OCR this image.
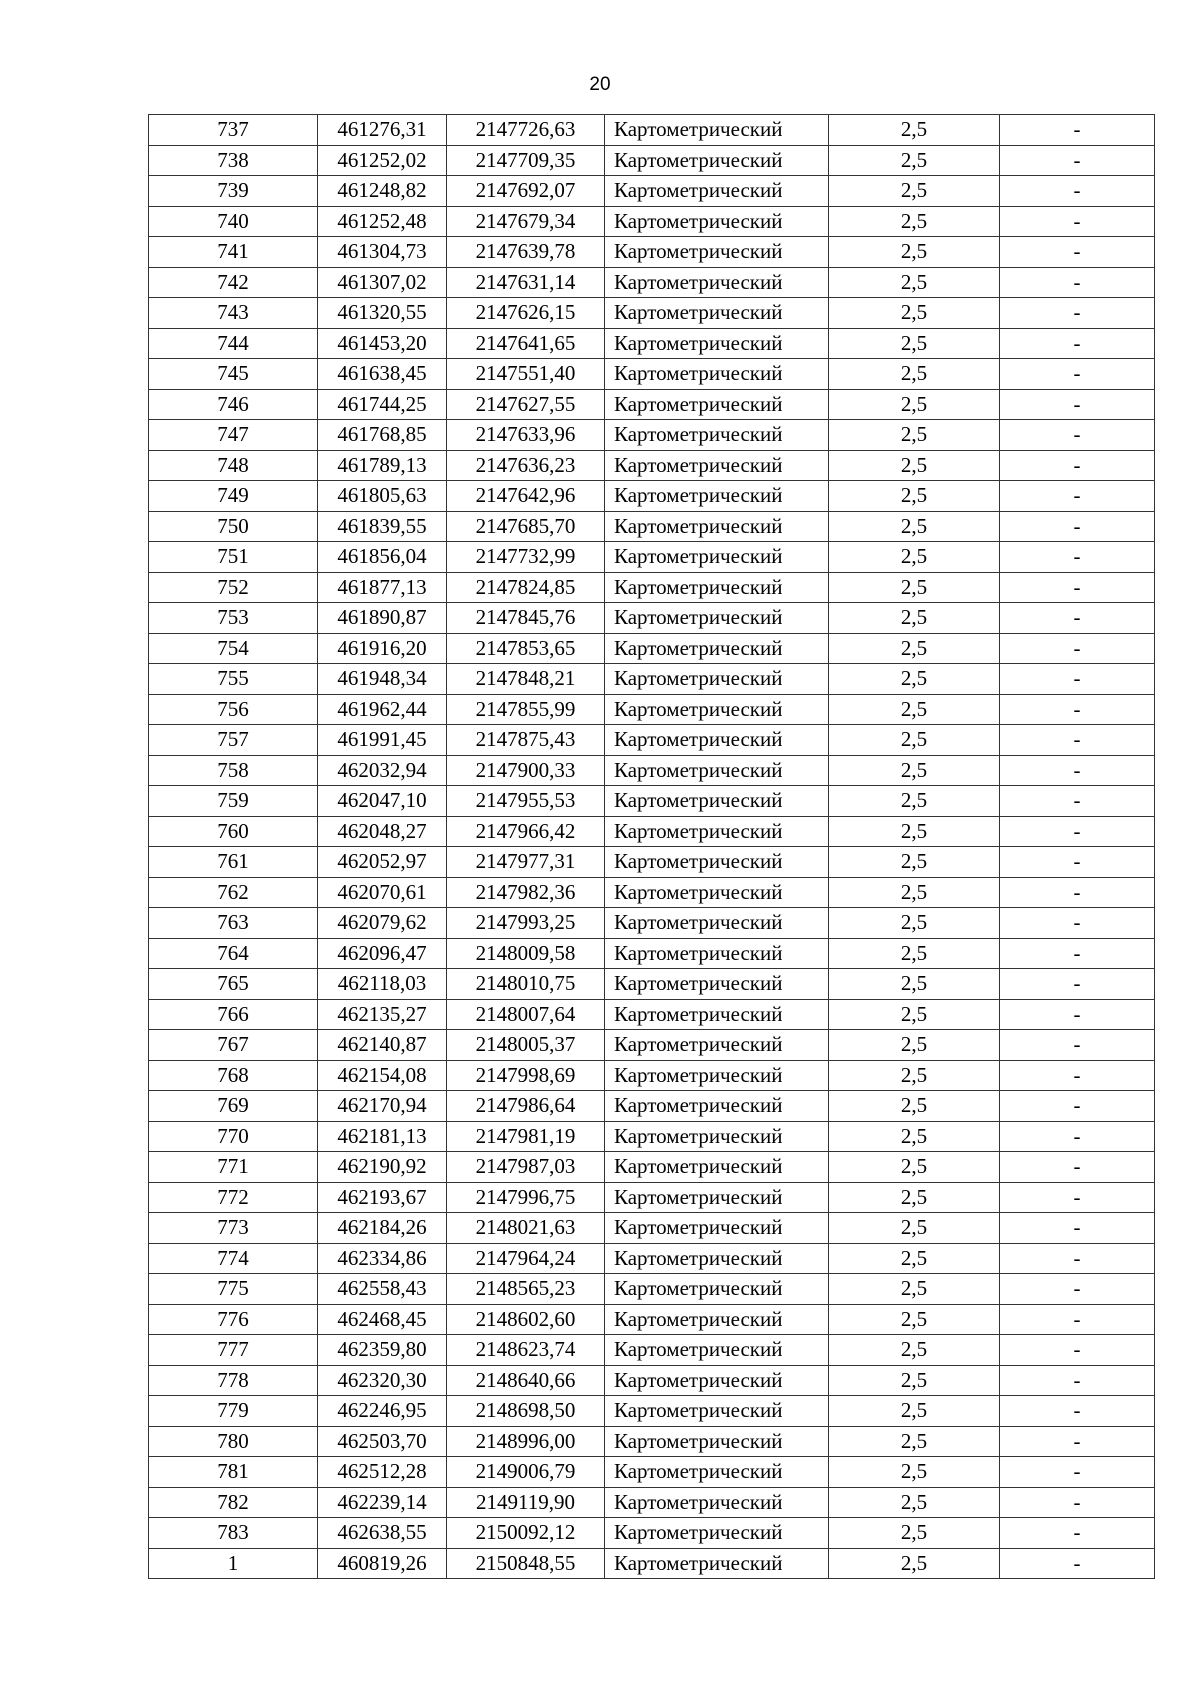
20
737	461276,31	2147726,63	Картометрический	2,5	-
738	461252,02	2147709,35	Картометрический	2,5	-
739	461248,82	2147692,07	Картометрический	2,5	-
740	461252,48	2147679,34	Картометрический	2,5	-
741	461304,73	2147639,78	Картометрический	2,5	-
742	461307,02	2147631,14	Картометрический	2,5	-
743	461320,55	2147626,15	Картометрический	2,5	-
744	461453,20	2147641,65	Картометрический	2,5	-
745	461638,45	2147551,40	Картометрический	2,5	-
746	461744,25	2147627,55	Картометрический	2,5	-
747	461768,85	2147633,96	Картометрический	2,5	-
748	461789,13	2147636,23	Картометрический	2,5	-
749	461805,63	2147642,96	Картометрический	2,5	-
750	461839,55	2147685,70	Картометрический	2,5	-
751	461856,04	2147732,99	Картометрический	2,5	-
752	461877,13	2147824,85	Картометрический	2,5	-
753	461890,87	2147845,76	Картометрический	2,5	-
754	461916,20	2147853,65	Картометрический	2,5	-
755	461948,34	2147848,21	Картометрический	2,5	-
756	461962,44	2147855,99	Картометрический	2,5	-
757	461991,45	2147875,43	Картометрический	2,5	-
758	462032,94	2147900,33	Картометрический	2,5	-
759	462047,10	2147955,53	Картометрический	2,5	-
760	462048,27	2147966,42	Картометрический	2,5	-
761	462052,97	2147977,31	Картометрический	2,5	-
762	462070,61	2147982,36	Картометрический	2,5	-
763	462079,62	2147993,25	Картометрический	2,5	-
764	462096,47	2148009,58	Картометрический	2,5	-
765	462118,03	2148010,75	Картометрический	2,5	-
766	462135,27	2148007,64	Картометрический	2,5	-
767	462140,87	2148005,37	Картометрический	2,5	-
768	462154,08	2147998,69	Картометрический	2,5	-
769	462170,94	2147986,64	Картометрический	2,5	-
770	462181,13	2147981,19	Картометрический	2,5	-
771	462190,92	2147987,03	Картометрический	2,5	-
772	462193,67	2147996,75	Картометрический	2,5	-
773	462184,26	2148021,63	Картометрический	2,5	-
774	462334,86	2147964,24	Картометрический	2,5	-
775	462558,43	2148565,23	Картометрический	2,5	-
776	462468,45	2148602,60	Картометрический	2,5	-
777	462359,80	2148623,74	Картометрический	2,5	-
778	462320,30	2148640,66	Картометрический	2,5	-
779	462246,95	2148698,50	Картометрический	2,5	-
780	462503,70	2148996,00	Картометрический	2,5	-
781	462512,28	2149006,79	Картометрический	2,5	-
782	462239,14	2149119,90	Картометрический	2,5	-
783	462638,55	2150092,12	Картометрический	2,5	-
1	460819,26	2150848,55	Картометрический	2,5	-
